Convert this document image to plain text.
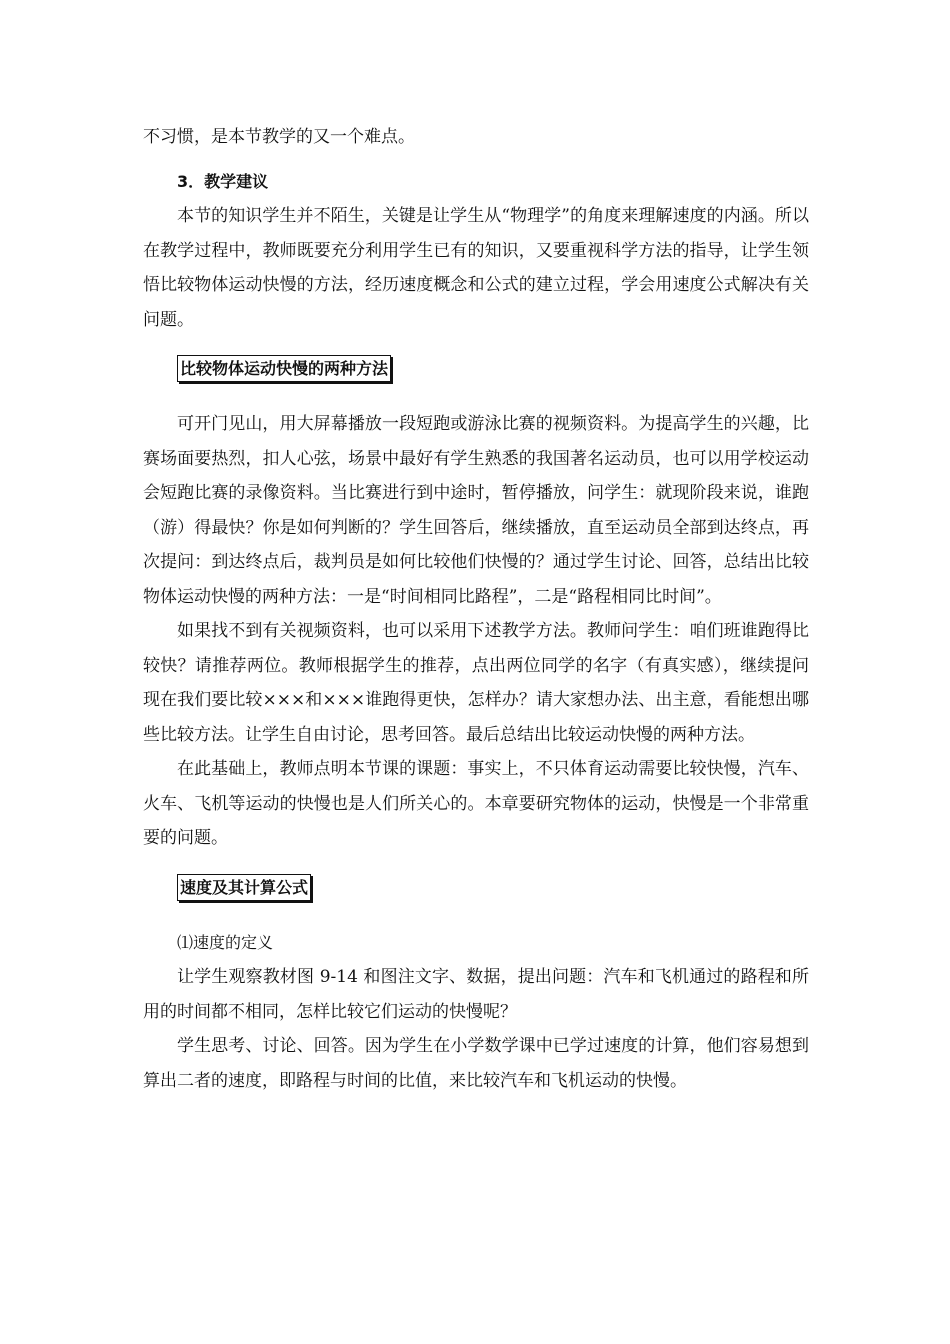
不习惯，是本节教学的又一个难点。

3．教学建议

本节的知识学生并不陌生，关键是让学生从“物理学”的角度来理解速度的内涵。所以在教学过程中，教师既要充分利用学生已有的知识，又要重视科学方法的指导，让学生领悟比较物体运动快慢的方法，经历速度概念和公式的建立过程，学会用速度公式解决有关问题。

比较物体运动快慢的两种方法

可开门见山，用大屏幕播放一段短跑或游泳比赛的视频资料。为提高学生的兴趣，比赛场面要热烈，扣人心弦，场景中最好有学生熟悉的我国著名运动员，也可以用学校运动会短跑比赛的录像资料。当比赛进行到中途时，暂停播放，问学生：就现阶段来说，谁跑（游）得最快？你是如何判断的？学生回答后，继续播放，直至运动员全部到达终点，再次提问：到达终点后，裁判员是如何比较他们快慢的？通过学生讨论、回答，总结出比较物体运动快慢的两种方法：一是“时间相同比路程”，二是“路程相同比时间”。

如果找不到有关视频资料，也可以采用下述教学方法。教师问学生：咱们班谁跑得比较快？请推荐两位。教师根据学生的推荐，点出两位同学的名字（有真实感），继续提问现在我们要比较×××和×××谁跑得更快，怎样办？请大家想办法、出主意，看能想出哪些比较方法。让学生自由讨论，思考回答。最后总结出比较运动快慢的两种方法。

在此基础上，教师点明本节课的课题：事实上，不只体育运动需要比较快慢，汽车、火车、飞机等运动的快慢也是人们所关心的。本章要研究物体的运动，快慢是一个非常重要的问题。

速度及其计算公式

⑴速度的定义

让学生观察教材图 9-14 和图注文字、数据，提出问题：汽车和飞机通过的路程和所用的时间都不相同，怎样比较它们运动的快慢呢？

学生思考、讨论、回答。因为学生在小学数学课中已学过速度的计算，他们容易想到算出二者的速度，即路程与时间的比值，来比较汽车和飞机运动的快慢。
